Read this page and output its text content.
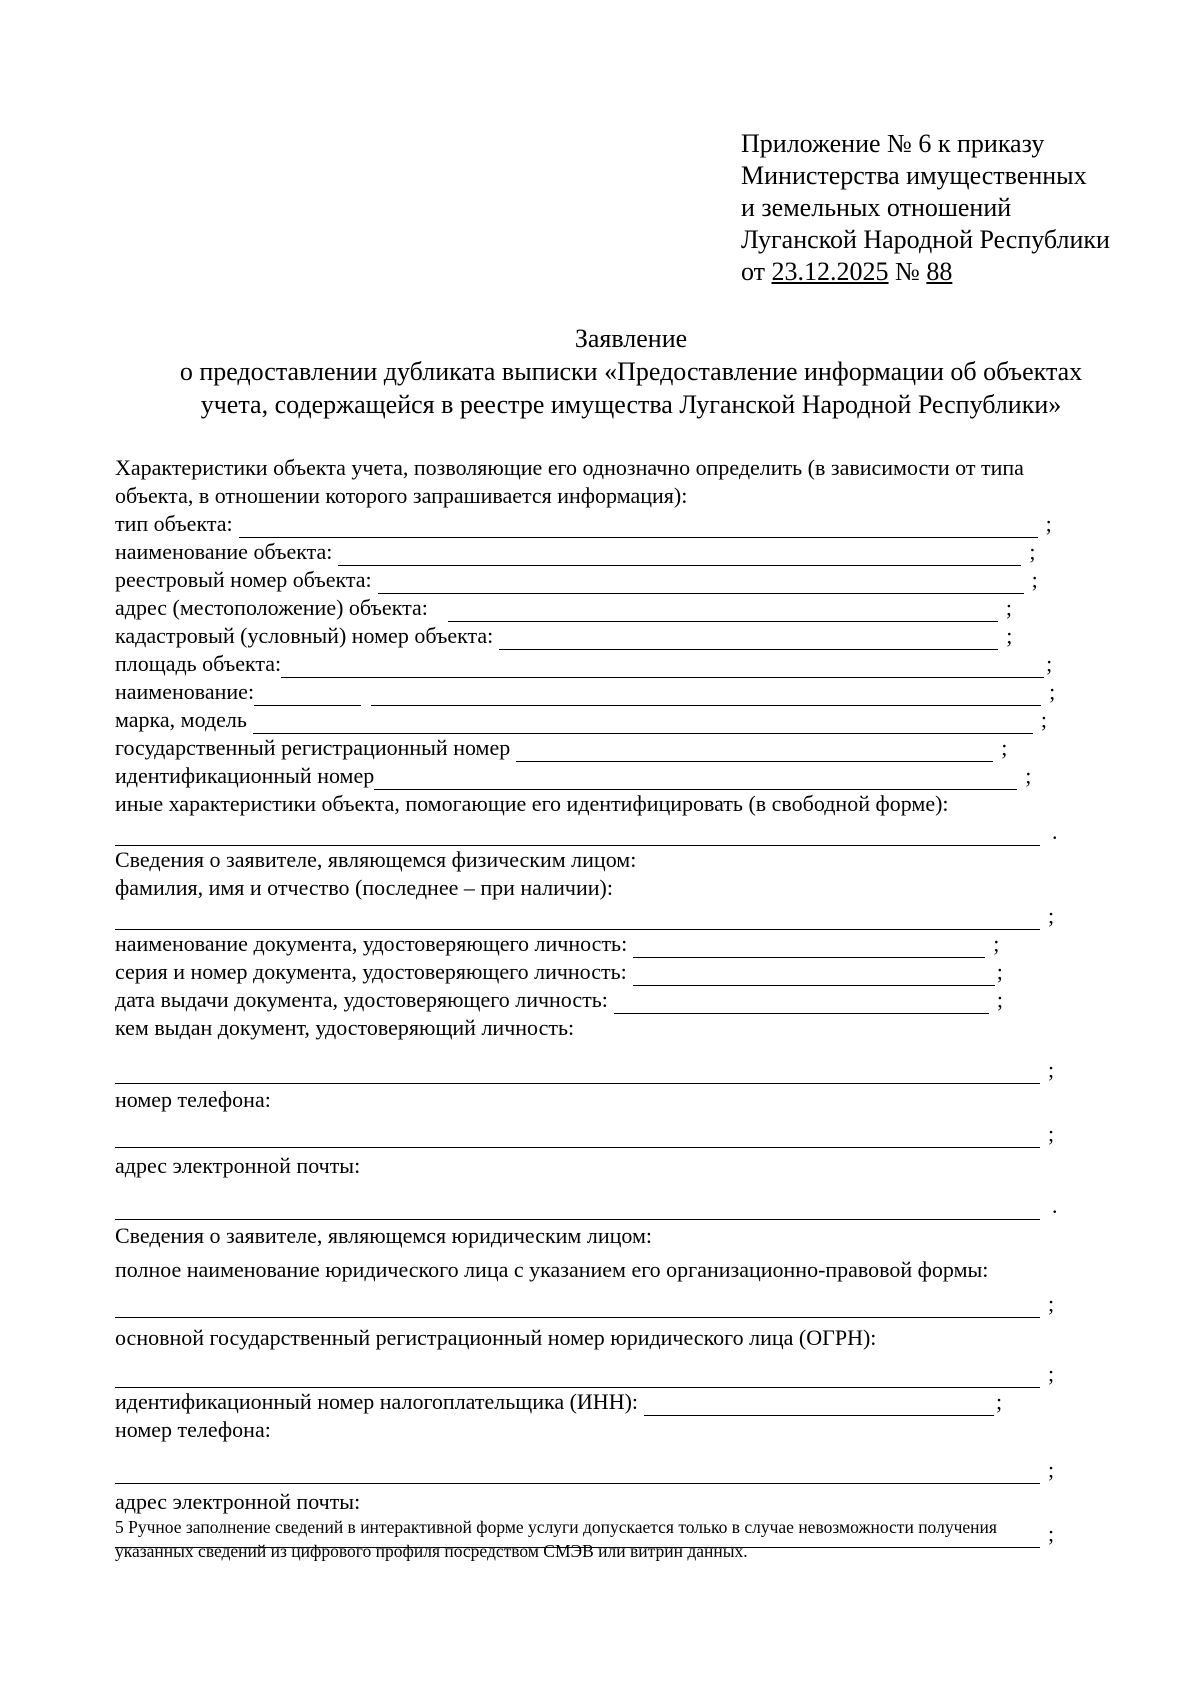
Приложение № 6 к приказу
Министерства имущественных
и земельных отношений
Луганской Народной Республики
от 23.12.2025 № 88
Заявление
о предоставлении дубликата выписки «Предоставление информации об объектах
учета, содержащейся в реестре имущества Луганской Народной Республики»
Характеристики объекта учета, позволяющие его однозначно определить (в зависимости от типа
объекта, в отношении которого запрашивается информация):
тип объекта:	;
наименование объекта:	;
реестровый номер объекта:	;
адрес (местоположение) объекта:	;
кадастровый (условный) номер объекта:	;
площадь объекта:	;
наименование:	;
марка, модель	;
государственный регистрационный номер	;
идентификационный номер	;
иные характеристики объекта, помогающие его идентифицировать (в свободной форме):
.
Сведения о заявителе, являющемся физическим лицом:
фамилия, имя и отчество (последнее – при наличии):
;
наименование документа, удостоверяющего личность:	;
серия и номер документа, удостоверяющего личность:	;
дата выдачи документа, удостоверяющего личность:	;
кем выдан документ, удостоверяющий личность:
;
номер телефона:
;
адрес электронной почты:
.
Сведения о заявителе, являющемся юридическим лицом:
полное наименование юридического лица с указанием его организационно-правовой формы:
;
основной государственный регистрационный номер юридического лица (ОГРН):
;
идентификационный номер налогоплательщика (ИНН):	;
номер телефона:
;
адрес электронной почты:
;
5 Ручное заполнение сведений в интерактивной форме услуги допускается только в случае невозможности получения
указанных сведений из цифрового профиля посредством СМЭВ или витрин данных.
